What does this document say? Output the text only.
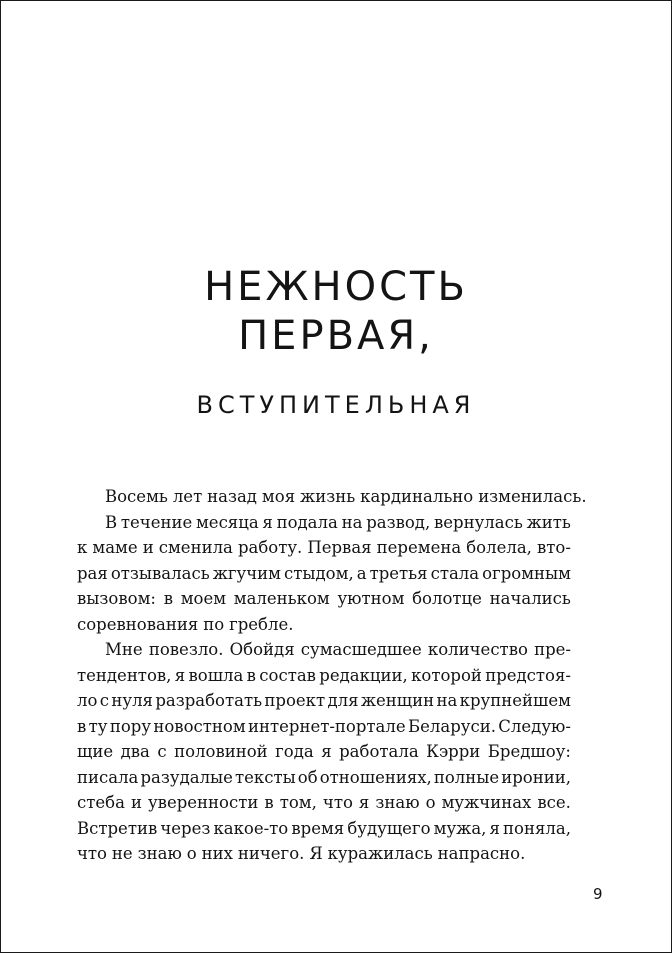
НЕЖНОСТЬ
ПЕРВАЯ,
ВСТУПИТЕЛЬНАЯ
Восемь лет назад моя жизнь кардинально изменилась.
В течение месяца я подала на развод, вернулась жить
к маме и сменила работу. Первая перемена болела, вто-
рая отзывалась жгучим стыдом, а третья стала огромным
вызовом: в моем маленьком уютном болотце начались
соревнования по гребле.
Мне повезло. Обойдя сумасшедшее количество пре-
тендентов, я вошла в состав редакции, которой предстоя-
ло с нуля разработать проект для женщин на крупнейшем
в ту пору новостном интернет-портале Беларуси. Следую-
щие два с половиной года я работала Кэрри Бредшоу:
писала разудалые тексты об отношениях, полные иронии,
стеба и уверенности в том, что я знаю о мужчинах все.
Встретив через какое-то время будущего мужа, я поняла,
что не знаю о них ничего. Я куражилась напрасно.
9
